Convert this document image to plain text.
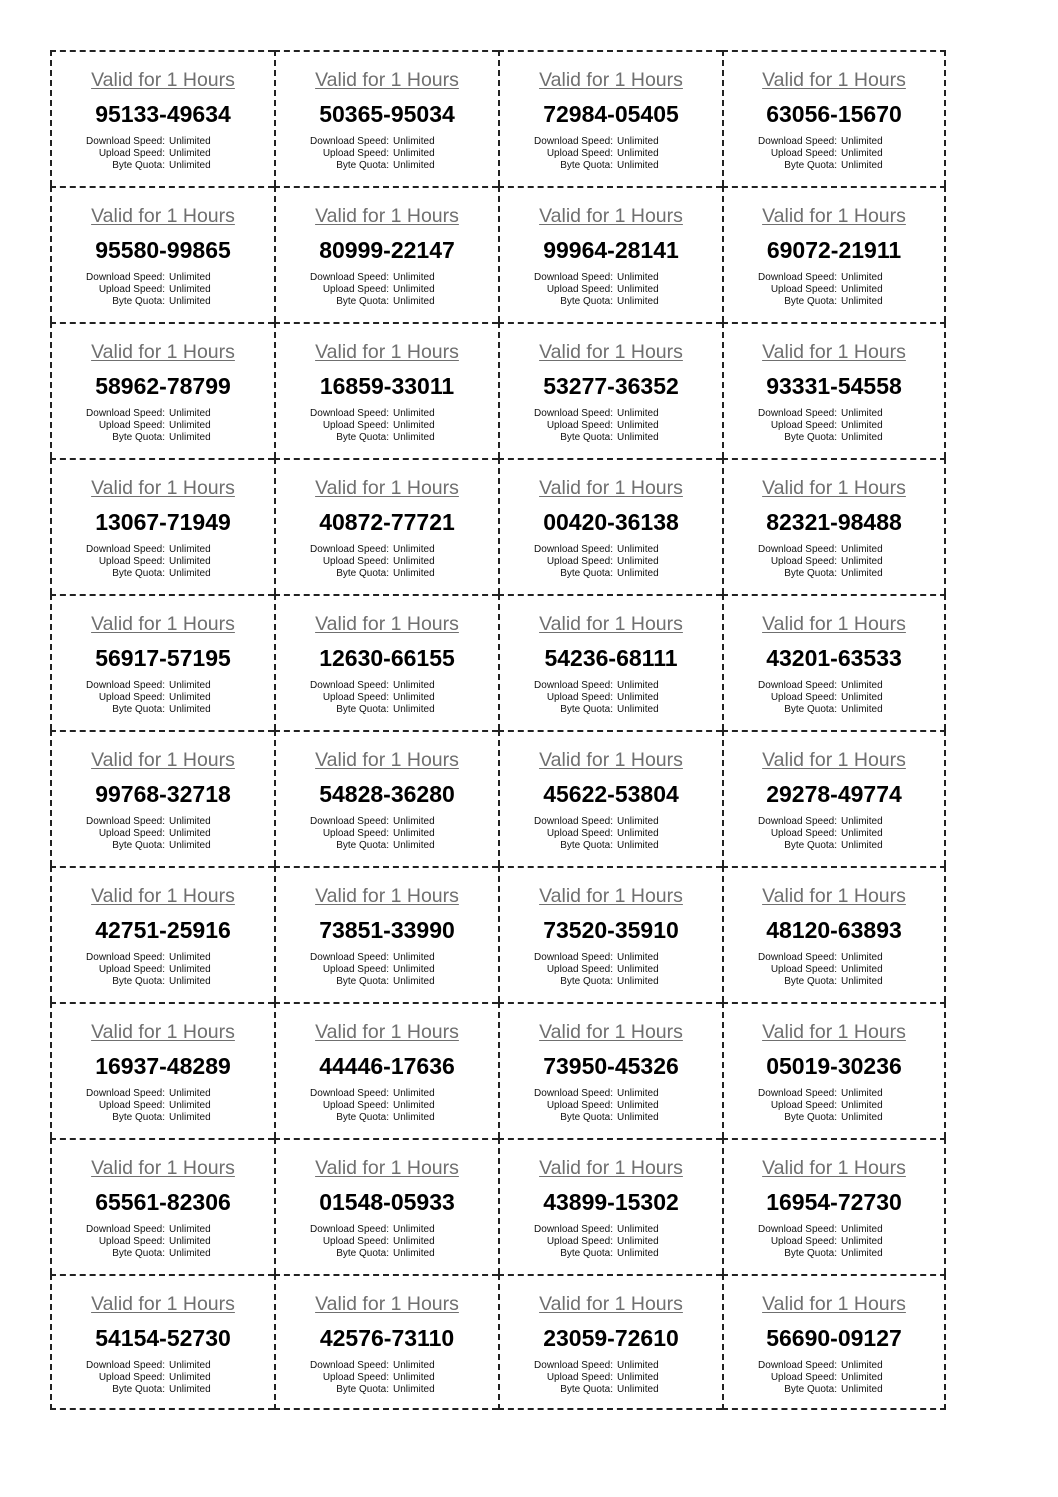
Valid for 1 Hours
95133-49634
Download Speed: Unlimited
Upload Speed: Unlimited
Byte Quota: Unlimited
Valid for 1 Hours
50365-95034
Download Speed: Unlimited
Upload Speed: Unlimited
Byte Quota: Unlimited
Valid for 1 Hours
72984-05405
Download Speed: Unlimited
Upload Speed: Unlimited
Byte Quota: Unlimited
Valid for 1 Hours
63056-15670
Download Speed: Unlimited
Upload Speed: Unlimited
Byte Quota: Unlimited
Valid for 1 Hours
95580-99865
Download Speed: Unlimited
Upload Speed: Unlimited
Byte Quota: Unlimited
Valid for 1 Hours
80999-22147
Download Speed: Unlimited
Upload Speed: Unlimited
Byte Quota: Unlimited
Valid for 1 Hours
99964-28141
Download Speed: Unlimited
Upload Speed: Unlimited
Byte Quota: Unlimited
Valid for 1 Hours
69072-21911
Download Speed: Unlimited
Upload Speed: Unlimited
Byte Quota: Unlimited
Valid for 1 Hours
58962-78799
Download Speed: Unlimited
Upload Speed: Unlimited
Byte Quota: Unlimited
Valid for 1 Hours
16859-33011
Download Speed: Unlimited
Upload Speed: Unlimited
Byte Quota: Unlimited
Valid for 1 Hours
53277-36352
Download Speed: Unlimited
Upload Speed: Unlimited
Byte Quota: Unlimited
Valid for 1 Hours
93331-54558
Download Speed: Unlimited
Upload Speed: Unlimited
Byte Quota: Unlimited
Valid for 1 Hours
13067-71949
Download Speed: Unlimited
Upload Speed: Unlimited
Byte Quota: Unlimited
Valid for 1 Hours
40872-77721
Download Speed: Unlimited
Upload Speed: Unlimited
Byte Quota: Unlimited
Valid for 1 Hours
00420-36138
Download Speed: Unlimited
Upload Speed: Unlimited
Byte Quota: Unlimited
Valid for 1 Hours
82321-98488
Download Speed: Unlimited
Upload Speed: Unlimited
Byte Quota: Unlimited
Valid for 1 Hours
56917-57195
Download Speed: Unlimited
Upload Speed: Unlimited
Byte Quota: Unlimited
Valid for 1 Hours
12630-66155
Download Speed: Unlimited
Upload Speed: Unlimited
Byte Quota: Unlimited
Valid for 1 Hours
54236-68111
Download Speed: Unlimited
Upload Speed: Unlimited
Byte Quota: Unlimited
Valid for 1 Hours
43201-63533
Download Speed: Unlimited
Upload Speed: Unlimited
Byte Quota: Unlimited
Valid for 1 Hours
99768-32718
Download Speed: Unlimited
Upload Speed: Unlimited
Byte Quota: Unlimited
Valid for 1 Hours
54828-36280
Download Speed: Unlimited
Upload Speed: Unlimited
Byte Quota: Unlimited
Valid for 1 Hours
45622-53804
Download Speed: Unlimited
Upload Speed: Unlimited
Byte Quota: Unlimited
Valid for 1 Hours
29278-49774
Download Speed: Unlimited
Upload Speed: Unlimited
Byte Quota: Unlimited
Valid for 1 Hours
42751-25916
Download Speed: Unlimited
Upload Speed: Unlimited
Byte Quota: Unlimited
Valid for 1 Hours
73851-33990
Download Speed: Unlimited
Upload Speed: Unlimited
Byte Quota: Unlimited
Valid for 1 Hours
73520-35910
Download Speed: Unlimited
Upload Speed: Unlimited
Byte Quota: Unlimited
Valid for 1 Hours
48120-63893
Download Speed: Unlimited
Upload Speed: Unlimited
Byte Quota: Unlimited
Valid for 1 Hours
16937-48289
Download Speed: Unlimited
Upload Speed: Unlimited
Byte Quota: Unlimited
Valid for 1 Hours
44446-17636
Download Speed: Unlimited
Upload Speed: Unlimited
Byte Quota: Unlimited
Valid for 1 Hours
73950-45326
Download Speed: Unlimited
Upload Speed: Unlimited
Byte Quota: Unlimited
Valid for 1 Hours
05019-30236
Download Speed: Unlimited
Upload Speed: Unlimited
Byte Quota: Unlimited
Valid for 1 Hours
65561-82306
Download Speed: Unlimited
Upload Speed: Unlimited
Byte Quota: Unlimited
Valid for 1 Hours
01548-05933
Download Speed: Unlimited
Upload Speed: Unlimited
Byte Quota: Unlimited
Valid for 1 Hours
43899-15302
Download Speed: Unlimited
Upload Speed: Unlimited
Byte Quota: Unlimited
Valid for 1 Hours
16954-72730
Download Speed: Unlimited
Upload Speed: Unlimited
Byte Quota: Unlimited
Valid for 1 Hours
54154-52730
Download Speed: Unlimited
Upload Speed: Unlimited
Byte Quota: Unlimited
Valid for 1 Hours
42576-73110
Download Speed: Unlimited
Upload Speed: Unlimited
Byte Quota: Unlimited
Valid for 1 Hours
23059-72610
Download Speed: Unlimited
Upload Speed: Unlimited
Byte Quota: Unlimited
Valid for 1 Hours
56690-09127
Download Speed: Unlimited
Upload Speed: Unlimited
Byte Quota: Unlimited
